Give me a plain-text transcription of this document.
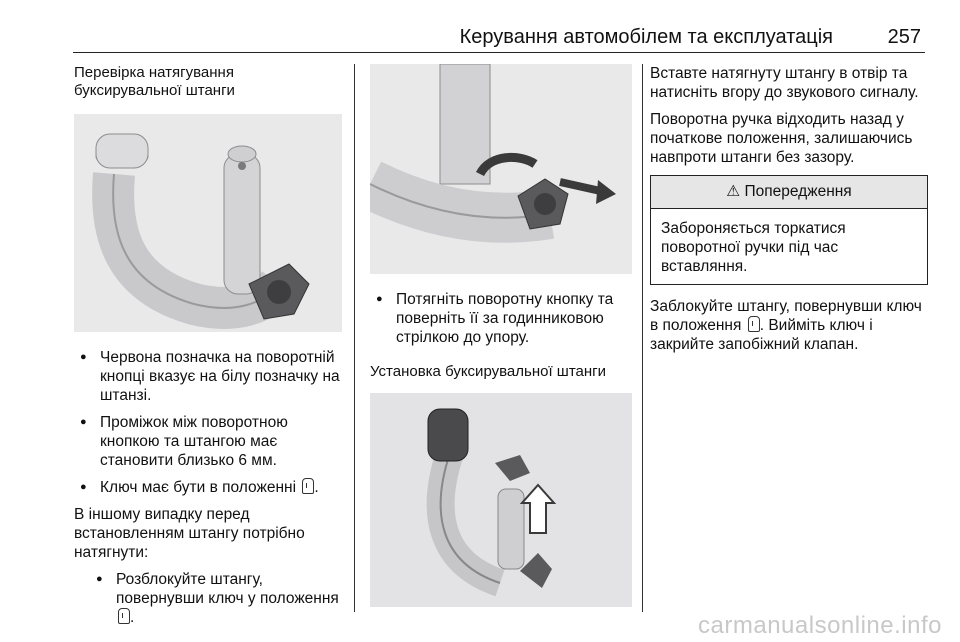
Керування автомобілем та експлуатація	257
Перевірка натягування буксирувальної штанги
● Червона позначка на поворотній кнопці вказує на білу позначку на штанзі.
● Проміжок між поворотною кнопкою та штангою має становити близько 6 мм.
● Ключ має бути в положенні .

В іншому випадку перед встановленням штангу потрібно натягнути:

● Розблокуйте штангу, повернувши ключ у положення .
● Потягніть поворотну кнопку та поверніть її за годинниковою стрілкою до упору.
Установка буксирувальної штанги

Вставте натягнуту штангу в отвір та натисніть вгору до звукового сигналу.

Поворотна ручка відходить назад у початкове положення, залишаючись навпроти штанги без зазору.

⚠ Попередження
Забороняється торкатися поворотної ручки під час вставляння.

Заблокуйте штангу, повернувши ключ в положення . Вийміть ключ і закрийте запобіжний клапан.

carmanualsonline.info
